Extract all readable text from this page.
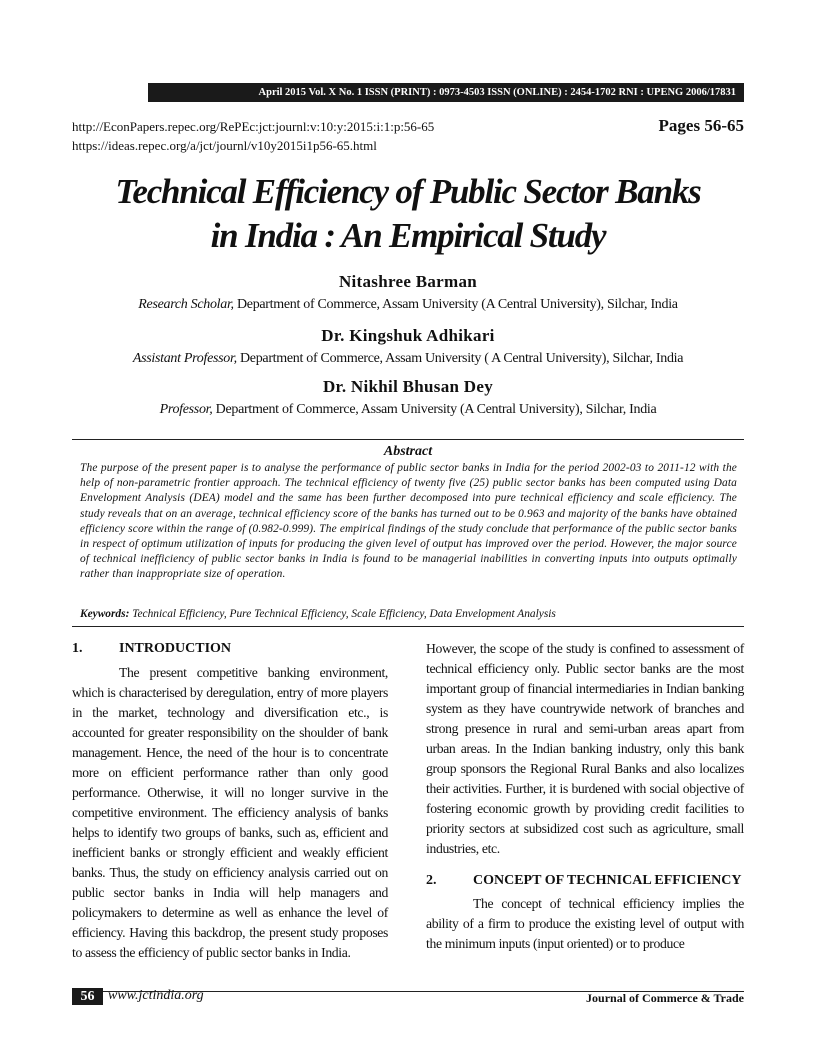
April 2015 Vol. X No. 1 ISSN (PRINT) : 0973-4503 ISSN (ONLINE) : 2454-1702 RNI : UPENG 2006/17831
http://EconPapers.repec.org/RePEc:jct:journl:v:10:y:2015:i:1:p:56-65
https://ideas.repec.org/a/jct/journl/v10y2015i1p56-65.html
Pages 56-65
Technical Efficiency of Public Sector Banks
in India : An Empirical Study
Nitashree Barman
Research Scholar, Department of Commerce, Assam University (A Central University), Silchar, India
Dr. Kingshuk Adhikari
Assistant Professor, Department of Commerce, Assam University ( A Central University), Silchar, India
Dr. Nikhil Bhusan Dey
Professor, Department of Commerce, Assam University (A Central University), Silchar, India
Abstract
The purpose of the present paper is to analyse the performance of public sector banks in India for the period 2002-03 to 2011-12 with the help of non-parametric frontier approach. The technical efficiency of twenty five (25) public sector banks has been computed using Data Envelopment Analysis (DEA) model and the same has been further decomposed into pure technical efficiency and scale efficiency. The study reveals that on an average, technical efficiency score of the banks has turned out to be 0.963 and majority of the banks have obtained efficiency score within the range of (0.982-0.999). The empirical findings of the study conclude that performance of the public sector banks in respect of optimum utilization of inputs for producing the given level of output has improved over the period. However, the major source of technical inefficiency of public sector banks in India is found to be managerial inabilities in converting inputs into outputs optimally rather than inappropriate size of operation.
Keywords: Technical Efficiency, Pure Technical Efficiency, Scale Efficiency, Data Envelopment Analysis
1.	INTRODUCTION
The present competitive banking environment, which is characterised by deregulation, entry of more players in the market, technology and diversification etc., is accounted for greater responsibility on the shoulder of bank management. Hence, the need of the hour is to concentrate more on efficient performance rather than only good performance. Otherwise, it will no longer survive in the competitive environment. The efficiency analysis of banks helps to identify two groups of banks, such as, efficient and inefficient banks or strongly efficient and weakly efficient banks. Thus, the study on efficiency analysis carried out on public sector banks in India will help managers and policymakers to determine as well as enhance the level of efficiency. Having this backdrop, the present study proposes to assess the efficiency of public sector banks in India.
However, the scope of the study is confined to assessment of technical efficiency only. Public sector banks are the most important group of financial intermediaries in Indian banking system as they have countrywide network of branches and strong presence in rural and semi-urban areas apart from urban areas. In the Indian banking industry, only this bank group sponsors the Regional Rural Banks and also localizes their activities. Further, it is burdened with social objective of fostering economic growth by providing credit facilities to priority sectors at subsidized cost such as agriculture, small industries, etc.
2.	CONCEPT OF TECHNICAL EFFICIENCY
The concept of technical efficiency implies the ability of a firm to produce the existing level of output with the minimum inputs (input oriented) or to produce
56 www.jctindia.org	Journal of Commerce & Trade
